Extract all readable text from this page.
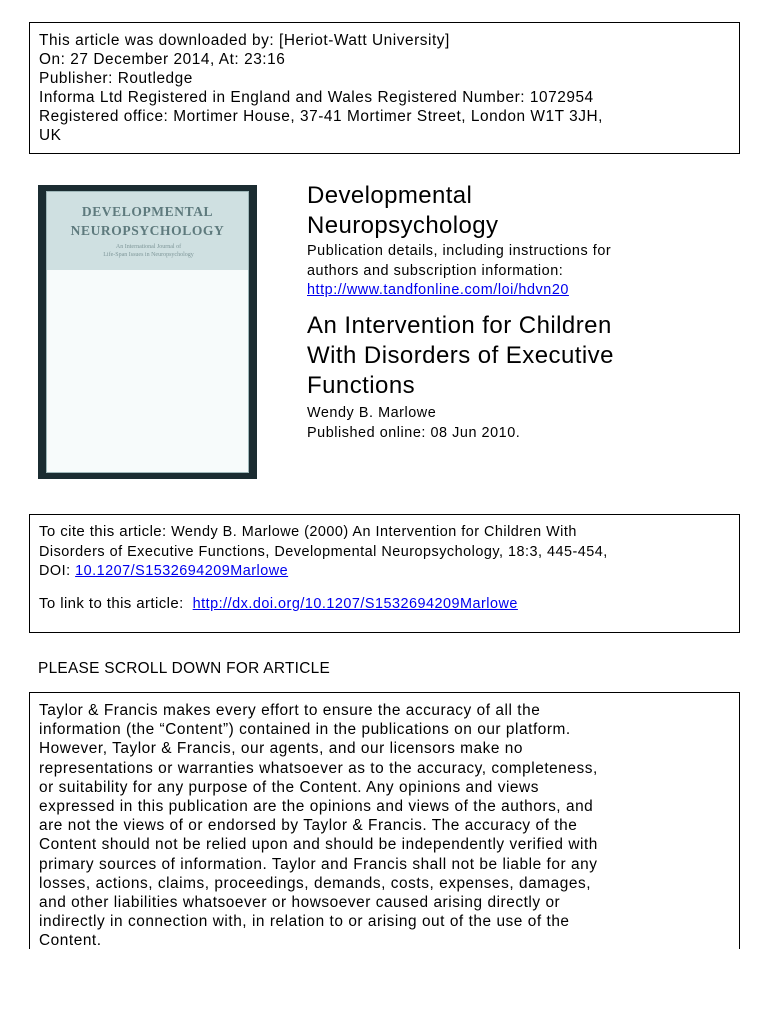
This article was downloaded by: [Heriot-Watt University]
On: 27 December 2014, At: 23:16
Publisher: Routledge
Informa Ltd Registered in England and Wales Registered Number: 1072954
Registered office: Mortimer House, 37-41 Mortimer Street, London W1T 3JH,
UK
DEVELOPMENTAL
NEUROPSYCHOLOGY
An International Journal of
Life-Span Issues in Neuropsychology
Developmental
Neuropsychology
Publication details, including instructions for
authors and subscription information:
http://www.tandfonline.com/loi/hdvn20
An Intervention for Children
With Disorders of Executive
Functions
Wendy B. Marlowe
Published online: 08 Jun 2010.
To cite this article: Wendy B. Marlowe (2000) An Intervention for Children With
Disorders of Executive Functions, Developmental Neuropsychology, 18:3, 445-454,
DOI: 10.1207/S1532694209Marlowe
To link to this article: http://dx.doi.org/10.1207/S1532694209Marlowe
PLEASE SCROLL DOWN FOR ARTICLE
Taylor & Francis makes every effort to ensure the accuracy of all the
information (the “Content”) contained in the publications on our platform.
However, Taylor & Francis, our agents, and our licensors make no
representations or warranties whatsoever as to the accuracy, completeness,
or suitability for any purpose of the Content. Any opinions and views
expressed in this publication are the opinions and views of the authors, and
are not the views of or endorsed by Taylor & Francis. The accuracy of the
Content should not be relied upon and should be independently verified with
primary sources of information. Taylor and Francis shall not be liable for any
losses, actions, claims, proceedings, demands, costs, expenses, damages,
and other liabilities whatsoever or howsoever caused arising directly or
indirectly in connection with, in relation to or arising out of the use of the
Content.
